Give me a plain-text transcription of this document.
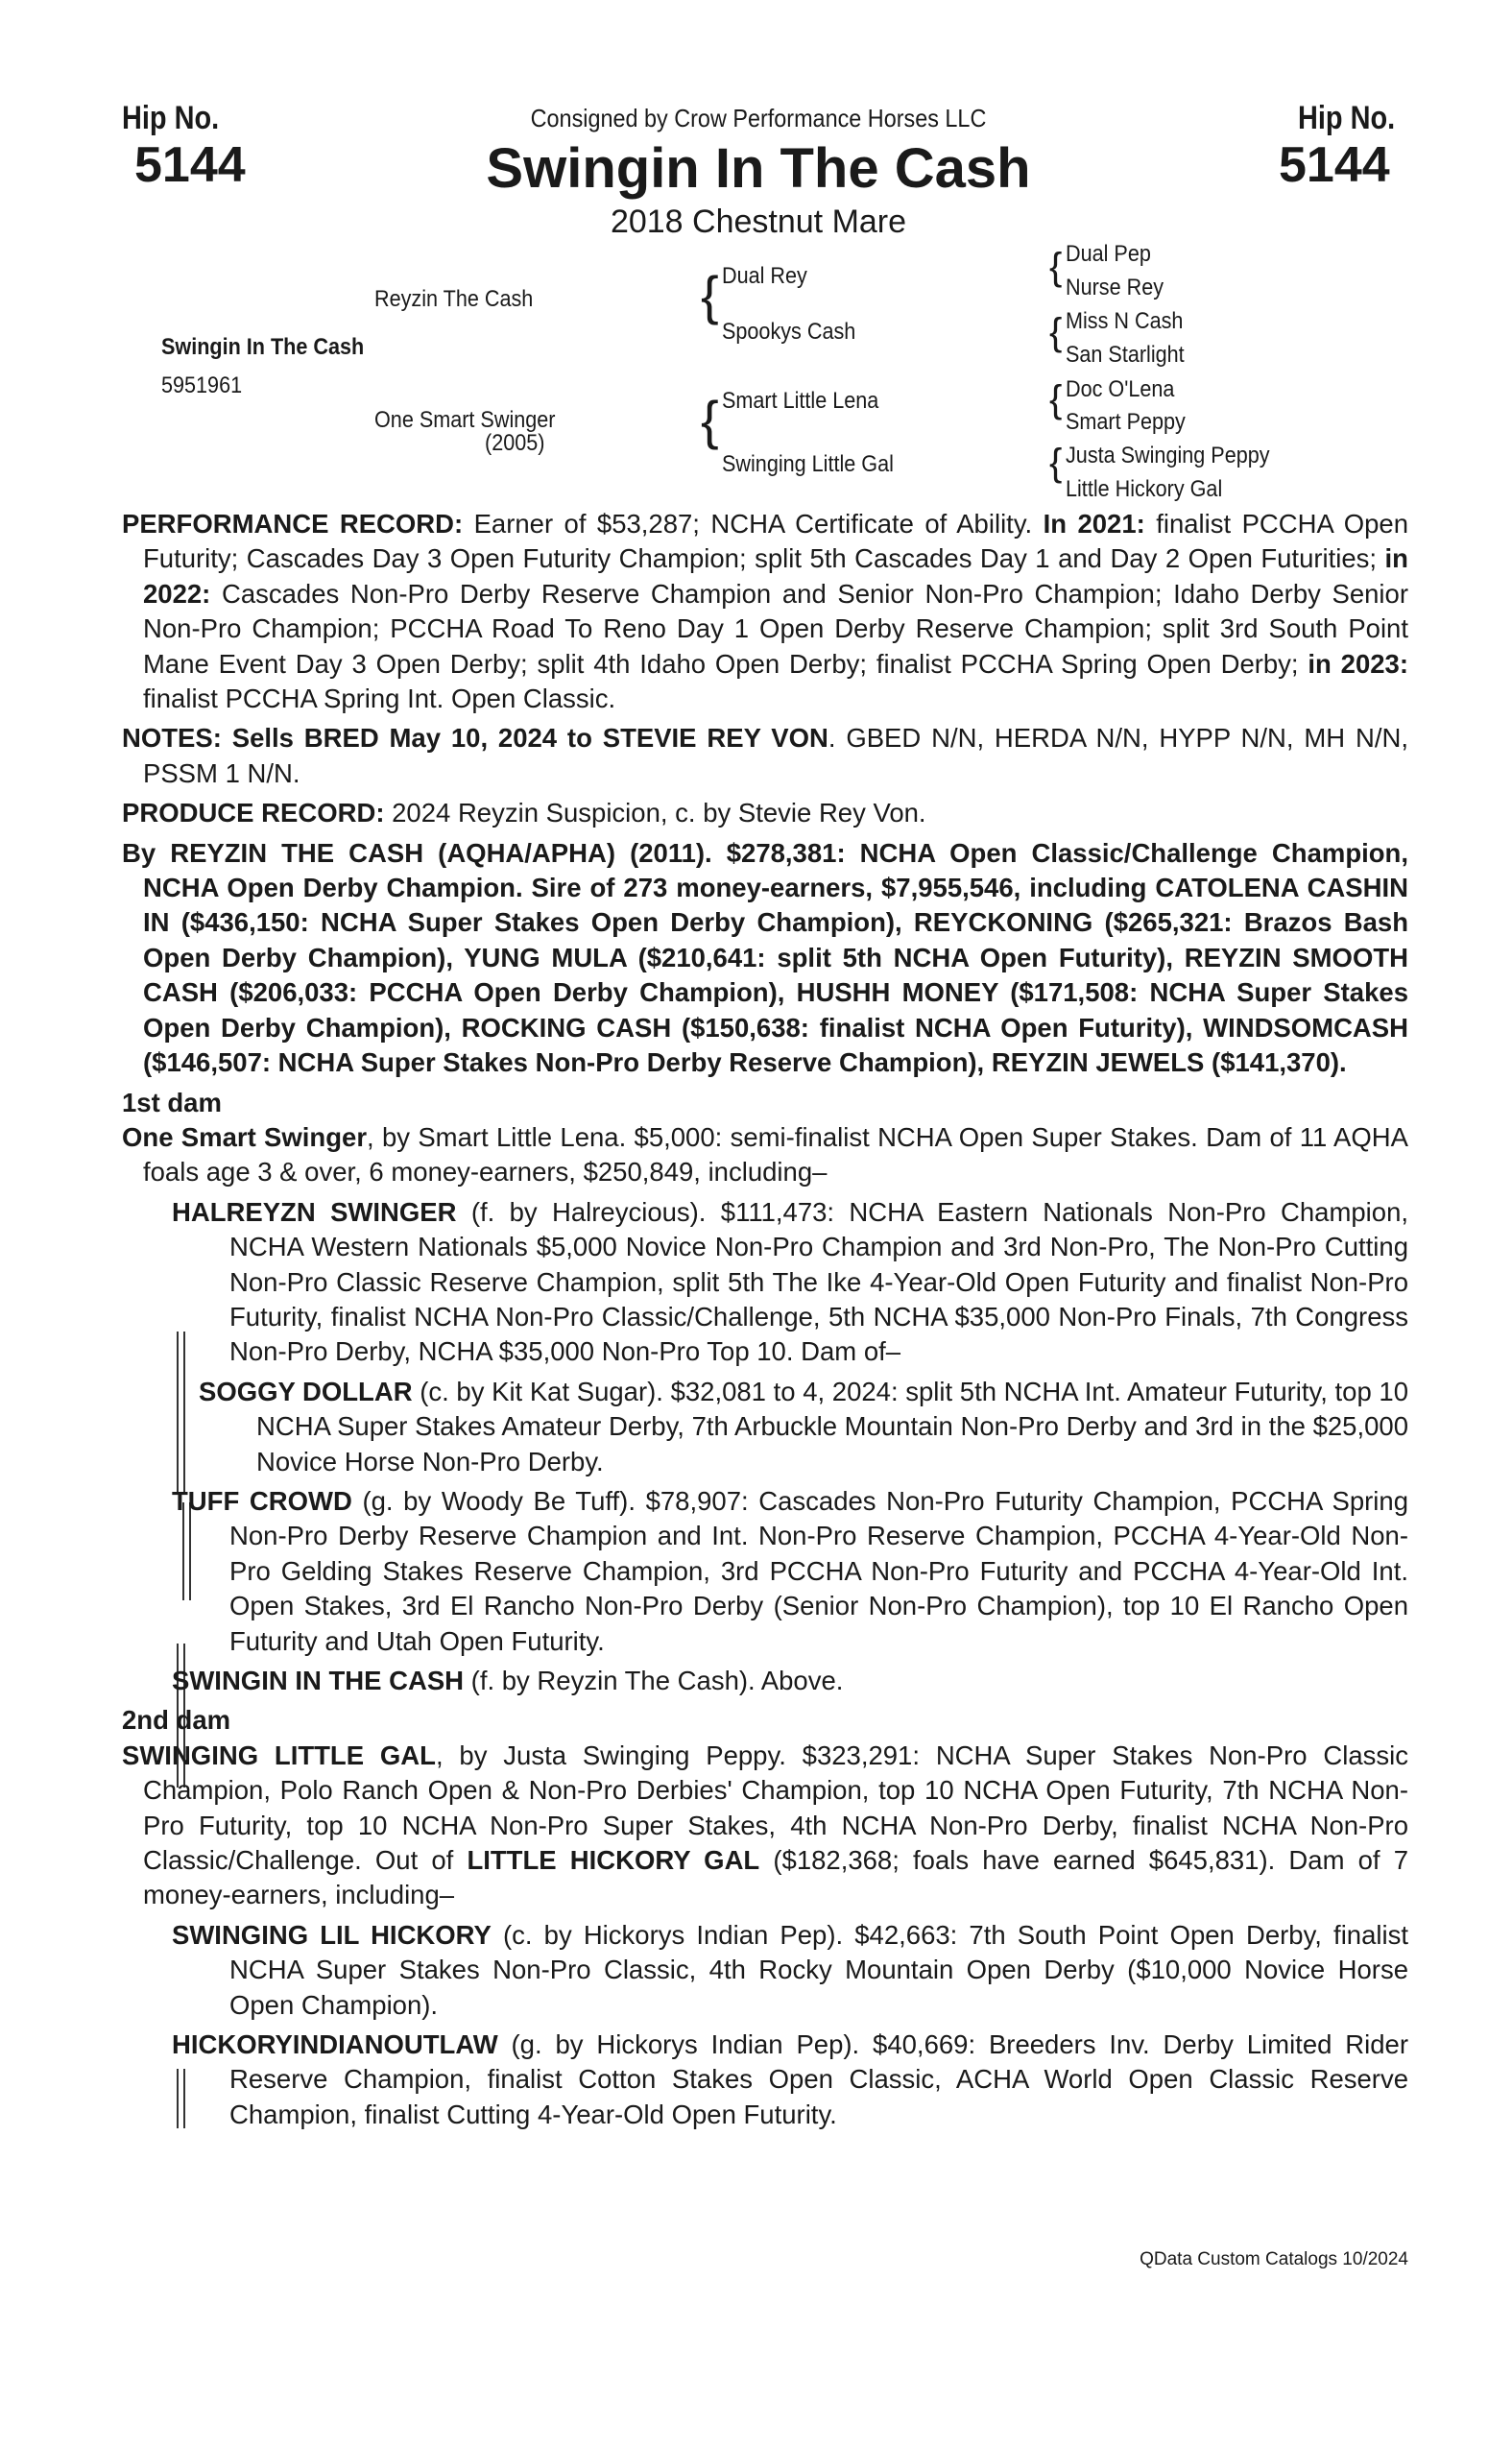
Hip No.
5144
Hip No.
5144
Consigned by Crow Performance Horses LLC
Swingin In The Cash
2018 Chestnut Mare
Swingin In The Cash
5951961
Reyzin The Cash
One Smart Swinger
(2005)
{
{
Dual Rey
Spookys Cash
Smart Little Lena
Swinging Little Gal
{
{
{
{
Dual Pep
Nurse Rey
Miss N Cash
San Starlight
Doc O'Lena
Smart Peppy
Justa Swinging Peppy
Little Hickory Gal

PERFORMANCE RECORD: Earner of $53,287; NCHA Certificate of Ability. In 2021: finalist PCCHA Open Futurity; Cascades Day 3 Open Futurity Champion; split 5th Cascades Day 1 and Day 2 Open Futurities; in 2022: Cascades Non-Pro Derby Reserve Champion and Senior Non-Pro Champion; Idaho Derby Senior Non-Pro Champion; PCCHA Road To Reno Day 1 Open Derby Reserve Champion; split 3rd South Point Mane Event Day 3 Open Derby; split 4th Idaho Open Derby; finalist PCCHA Spring Open Derby; in 2023: finalist PCCHA Spring Int. Open Classic.

NOTES: Sells BRED May 10, 2024 to STEVIE REY VON. GBED N/N, HERDA N/N, HYPP N/N, MH N/N, PSSM 1 N/N.

PRODUCE RECORD: 2024 Reyzin Suspicion, c. by Stevie Rey Von.

By REYZIN THE CASH (AQHA/APHA) (2011). $278,381: NCHA Open Classic/Challenge Champion, NCHA Open Derby Champion. Sire of 273 money-earners, $7,955,546, including CATOLENA CASHIN IN ($436,150: NCHA Super Stakes Open Derby Champion), REYCKONING ($265,321: Brazos Bash Open Derby Champion), YUNG MULA ($210,641: split 5th NCHA Open Futurity), REYZIN SMOOTH CASH ($206,033: PCCHA Open Derby Champion), HUSHH MONEY ($171,508: NCHA Super Stakes Open Derby Champion), ROCKING CASH ($150,638: finalist NCHA Open Futurity), WINDSOMCASH ($146,507: NCHA Super Stakes Non-Pro Derby Reserve Champion), REYZIN JEWELS ($141,370).

1st dam

One Smart Swinger, by Smart Little Lena. $5,000: semi-finalist NCHA Open Super Stakes. Dam of 11 AQHA foals age 3 & over, 6 money-earners, $250,849, including–

HALREYZN SWINGER (f. by Halreycious). $111,473: NCHA Eastern Nationals Non-Pro Champion, NCHA Western Nationals $5,000 Novice Non-Pro Champion and 3rd Non-Pro, The Non-Pro Cutting Non-Pro Classic Reserve Champion, split 5th The Ike 4-Year-Old Open Futurity and finalist Non-Pro Futurity, finalist NCHA Non-Pro Classic/Challenge, 5th NCHA $35,000 Non-Pro Finals, 7th Congress Non-Pro Derby, NCHA $35,000 Non-Pro Top 10. Dam of–

SOGGY DOLLAR (c. by Kit Kat Sugar). $32,081 to 4, 2024: split 5th NCHA Int. Amateur Futurity, top 10 NCHA Super Stakes Amateur Derby, 7th Arbuckle Mountain Non-Pro Derby and 3rd in the $25,000 Novice Horse Non-Pro Derby.

TUFF CROWD (g. by Woody Be Tuff). $78,907: Cascades Non-Pro Futurity Champion, PCCHA Spring Non-Pro Derby Reserve Champion and Int. Non-Pro Reserve Champion, PCCHA 4-Year-Old Non-Pro Gelding Stakes Reserve Champion, 3rd PCCHA Non-Pro Futurity and PCCHA 4-Year-Old Int. Open Stakes, 3rd El Rancho Non-Pro Derby (Senior Non-Pro Champion), top 10 El Rancho Open Futurity and Utah Open Futurity.

SWINGIN IN THE CASH (f. by Reyzin The Cash). Above.

2nd dam

SWINGING LITTLE GAL, by Justa Swinging Peppy. $323,291: NCHA Super Stakes Non-Pro Classic Champion, Polo Ranch Open & Non-Pro Derbies' Champion, top 10 NCHA Open Futurity, 7th NCHA Non-Pro Futurity, top 10 NCHA Non-Pro Super Stakes, 4th NCHA Non-Pro Derby, finalist NCHA Non-Pro Classic/Challenge. Out of LITTLE HICKORY GAL ($182,368; foals have earned $645,831). Dam of 7 money-earners, including–

SWINGING LIL HICKORY (c. by Hickorys Indian Pep). $42,663: 7th South Point Open Derby, finalist NCHA Super Stakes Non-Pro Classic, 4th Rocky Mountain Open Derby ($10,000 Novice Horse Open Champion).

HICKORYINDIANOUTLAW (g. by Hickorys Indian Pep). $40,669: Breeders Inv. Derby Limited Rider Reserve Champion, finalist Cotton Stakes Open Classic, ACHA World Open Classic Reserve Champion, finalist Cutting 4-Year-Old Open Futurity.

QData Custom Catalogs 10/2024
